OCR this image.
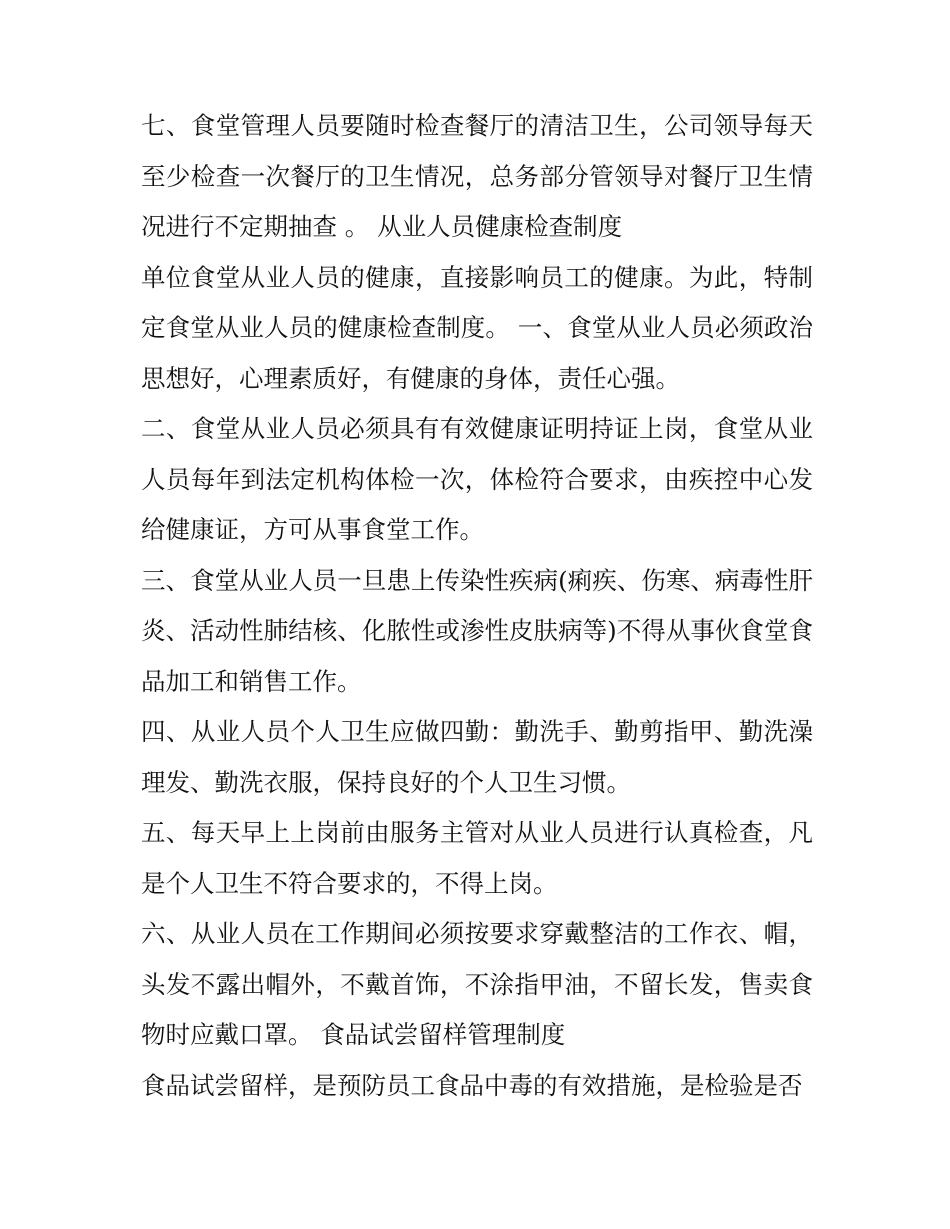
七、食堂管理人员要随时检查餐厅的清洁卫生，公司领导每天至少检查一次餐厅的卫生情况，总务部分管领导对餐厅卫生情况进行不定期抽查 。 从业人员健康检查制度

单位食堂从业人员的健康，直接影响员工的健康。为此，特制定食堂从业人员的健康检查制度。 一、食堂从业人员必须政治思想好，心理素质好，有健康的身体，责任心强。

二、食堂从业人员必须具有有效健康证明持证上岗，食堂从业人员每年到法定机构体检一次，体检符合要求，由疾控中心发给健康证，方可从事食堂工作。

三、食堂从业人员一旦患上传染性疾病(痢疾、伤寒、病毒性肝炎、活动性肺结核、化脓性或渗性皮肤病等)不得从事伙食堂食品加工和销售工作。

四、从业人员个人卫生应做四勤：勤洗手、勤剪指甲、勤洗澡理发、勤洗衣服，保持良好的个人卫生习惯。

五、每天早上上岗前由服务主管对从业人员进行认真检查，凡是个人卫生不符合要求的，不得上岗。

六、从业人员在工作期间必须按要求穿戴整洁的工作衣、帽，头发不露出帽外，不戴首饰，不涂指甲油，不留长发，售卖食物时应戴口罩。 食品试尝留样管理制度

食品试尝留样，是预防员工食品中毒的有效措施，是检验是否
